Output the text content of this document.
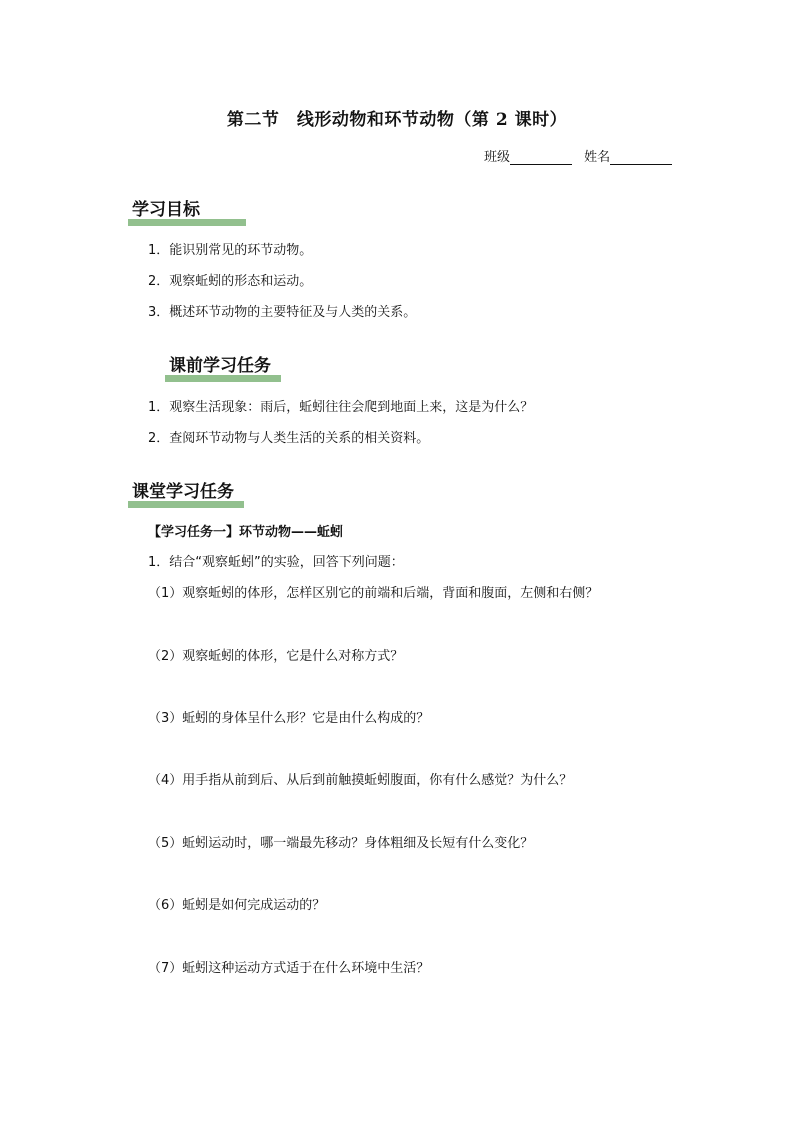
第二节　线形动物和环节动物（第 2 课时）
班级	姓名
学习目标
1．能识别常见的环节动物。
2．观察蚯蚓的形态和运动。
3．概述环节动物的主要特征及与人类的关系。
课前学习任务
1．观察生活现象：雨后，蚯蚓往往会爬到地面上来，这是为什么？
2．查阅环节动物与人类生活的关系的相关资料。
课堂学习任务
【学习任务一】环节动物——蚯蚓
1．结合“观察蚯蚓”的实验，回答下列问题：
（1）观察蚯蚓的体形，怎样区别它的前端和后端，背面和腹面，左侧和右侧？
（2）观察蚯蚓的体形，它是什么对称方式？
（3）蚯蚓的身体呈什么形？它是由什么构成的？
（4）用手指从前到后、从后到前触摸蚯蚓腹面，你有什么感觉？为什么？
（5）蚯蚓运动时，哪一端最先移动？身体粗细及长短有什么变化？
（6）蚯蚓是如何完成运动的？
（7）蚯蚓这种运动方式适于在什么环境中生活？
